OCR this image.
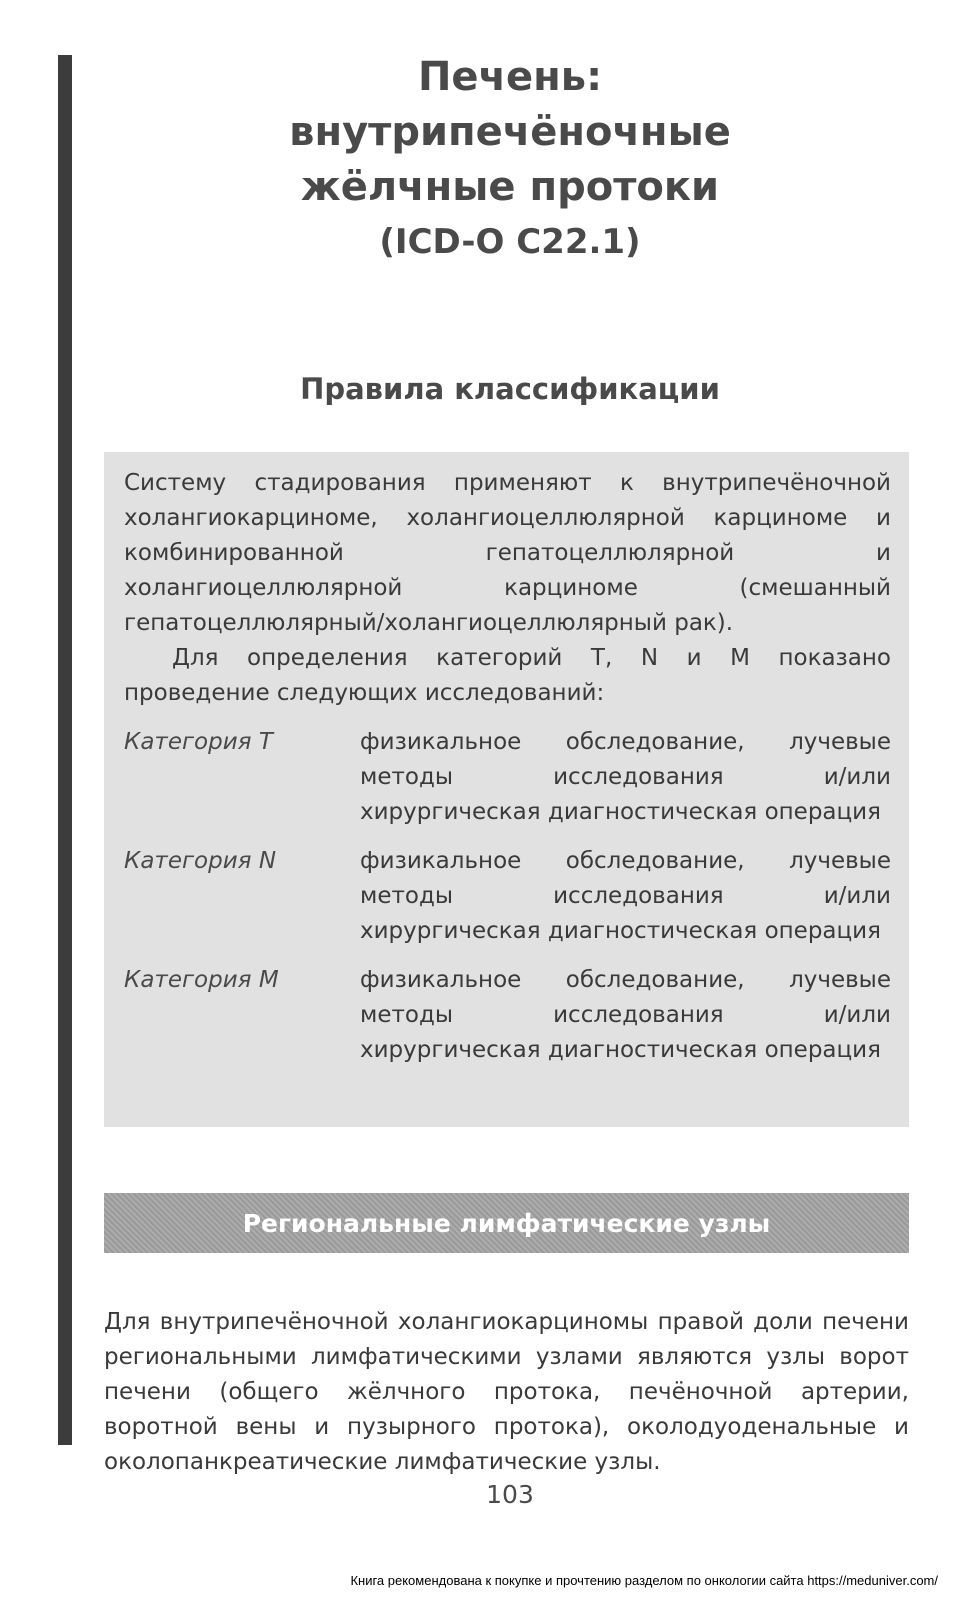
Печень:
внутрипечёночные
жёлчные протоки
(ICD-O C22.1)
Правила классификации

Систему стадирования применяют к внутрипечёночной холангиокарциноме, холангиоцеллюлярной карциноме и комбинированной гепатоцеллюлярной и холангиоцеллюлярной карциноме (смешанный гепатоцеллюлярный/холангиоцеллюлярный рак).

Для определения категорий T, N и M показано проведение следующих исследований:

Категория T	физикальное обследование, лучевые методы исследования и/или хирургическая диагностическая операция
Категория N	физикальное обследование, лучевые методы исследования и/или хирургическая диагностическая операция
Категория M	физикальное обследование, лучевые методы исследования и/или хирургическая диагностическая операция
Региональные лимфатические узлы

Для внутрипечёночной холангиокарциномы правой доли печени региональными лимфатическими узлами являются узлы ворот печени (общего жёлчного протока, печёночной артерии, воротной вены и пузырного протока), околодуоденальные и околопанкреатические лимфатические узлы.

103
Книга рекомендована к покупке и прочтению разделом по онкологии сайта https://meduniver.com/
